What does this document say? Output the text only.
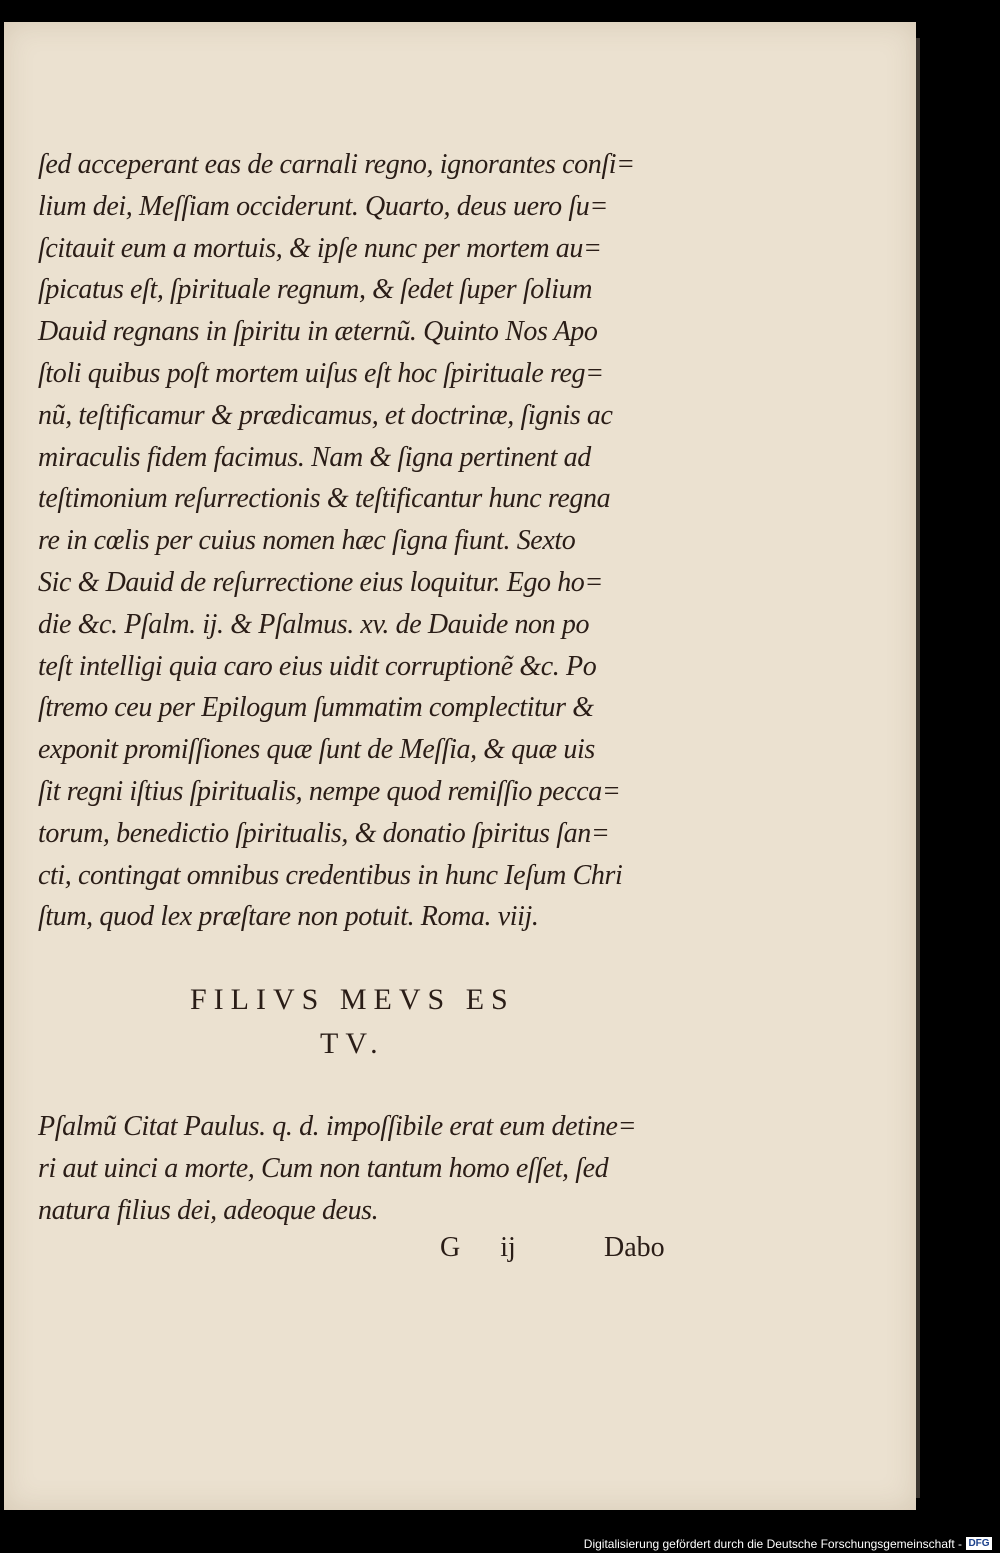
ſed acceperant eas de carnali regno, ignorantes conſi=
lium dei, Meſſiam occiderunt. Quarto, deus uero ſu=
ſcitauit eum a mortuis, & ipſe nunc per mortem au=
ſpicatus eſt, ſpirituale regnum, & ſedet ſuper ſolium
Dauid regnans in ſpiritu in æternũ. Quinto Nos Apo
ſtoli quibus poſt mortem uiſus eſt hoc ſpirituale reg=
nũ, teſtificamur & prædicamus, et doctrinæ, ſignis ac
miraculis fidem facimus. Nam & ſigna pertinent ad
teſtimonium reſurrectionis & teſtificantur hunc regna
re in cœlis per cuius nomen hæc ſigna fiunt. Sexto
Sic & Dauid de reſurrectione eius loquitur. Ego ho=
die &c. Pſalm. ij. & Pſalmus. xv. de Dauide non po
teſt intelligi quia caro eius uidit corruptionẽ &c. Po
ſtremo ceu per Epilogum ſummatim complectitur &
exponit promiſſiones quæ ſunt de Meſſia, & quæ uis
ſit regni iſtius ſpiritualis, nempe quod remiſſio pecca=
torum, benedictio ſpiritualis, & donatio ſpiritus ſan=
cti, contingat omnibus credentibus in hunc Ieſum Chri
ſtum, quod lex præſtare non potuit. Roma. viij.
FILIVS MEVS ES
TV.
Pſalmũ Citat Paulus. q. d. impoſſibile erat eum detine=
ri aut uinci a morte, Cum non tantum homo eſſet, ſed
natura filius dei, adeoque deus.
G ij	Dabo
Digitalisierung gefördert durch die Deutsche Forschungsgemeinschaft - DFG
